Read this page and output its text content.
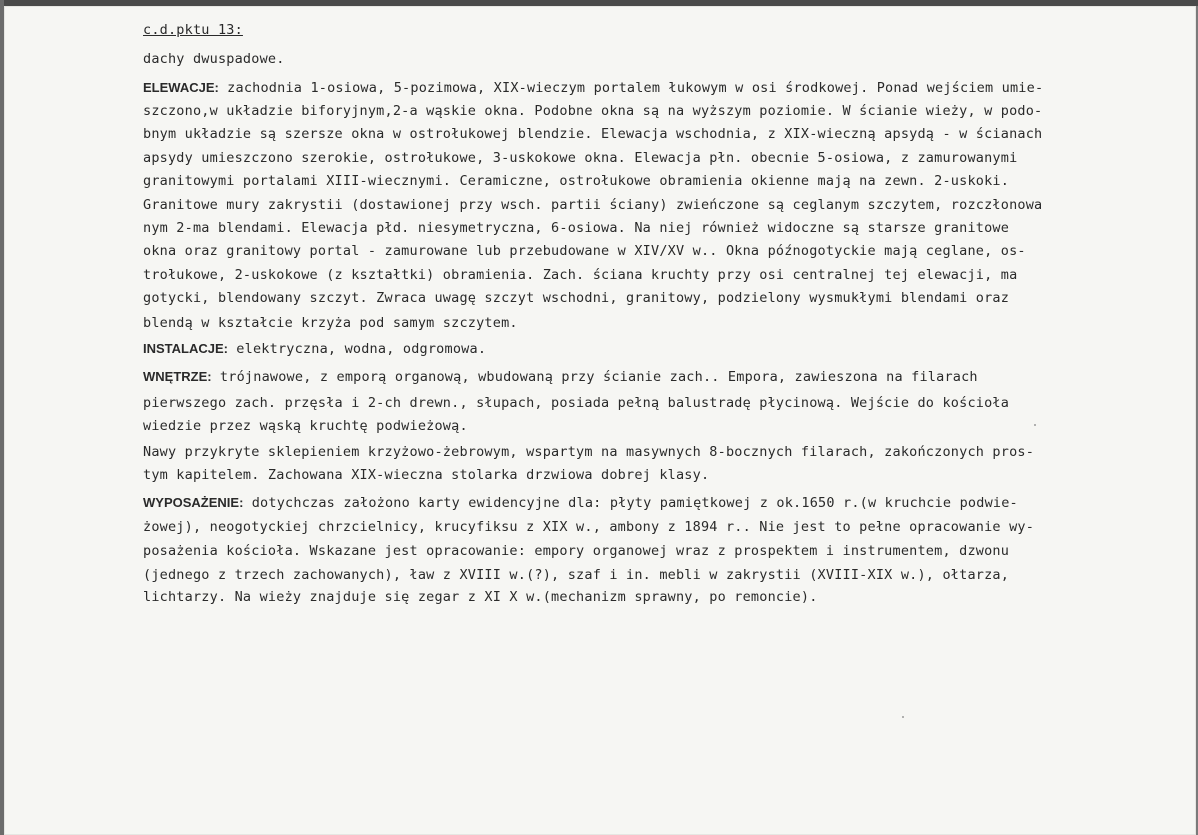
c.d.pktu 13:
dachy dwuspadowe.
ELEWACJE: zachodnia 1-osiowa, 5-pozimowa, XIX-wieczym portalem łukowym w osi środkowej. Ponad wejściem umie-
szczono,w układzie biforyjnym,2-a wąskie okna. Podobne okna są na wyższym poziomie. W ścianie wieży, w podo-
bnym układzie są szersze okna w ostrołukowej blendzie. Elewacja wschodnia, z XIX-wieczną apsydą - w ścianach
apsydy umieszczono szerokie, ostrołukowe, 3-uskokowe okna. Elewacja płn. obecnie 5-osiowa, z zamurowanymi
granitowymi portalami XIII-wiecznymi. Ceramiczne, ostrołukowe obramienia okienne mają na zewn. 2-uskoki.
Granitowe mury zakrystii (dostawionej przy wsch. partii ściany) zwieńczone są ceglanym szczytem, rozczłonowa
nym 2-ma blendami. Elewacja płd. niesymetryczna, 6-osiowa. Na niej również widoczne są starsze granitowe
okna oraz granitowy portal - zamurowane lub przebudowane w XIV/XV w.. Okna późnogotyckie mają ceglane, os-
trołukowe, 2-uskokowe (z kształtki) obramienia. Zach. ściana kruchty przy osi centralnej tej elewacji, ma
gotycki, blendowany szczyt. Zwraca uwagę szczyt wschodni, granitowy, podzielony wysmukłymi blendami oraz
blendą w kształcie krzyża pod samym szczytem.
INSTALACJE: elektryczna, wodna, odgromowa.
WNĘTRZE: trójnawowe, z emporą organową, wbudowaną przy ścianie zach.. Empora, zawieszona na filarach
pierwszego zach. przęsła i 2-ch drewn., słupach, posiada pełną balustradę płycinową. Wejście do kościoła
wiedzie przez wąską kruchtę podwieżową.
Nawy przykryte sklepieniem krzyżowo-żebrowym, wspartym na masywnych 8-bocznych filarach, zakończonych pros-
tym kapitelem. Zachowana XIX-wieczna stolarka drzwiowa dobrej klasy.
WYPOSAŻENIE: dotychczas założono karty ewidencyjne dla: płyty pamiętkowej z ok.1650 r.(w kruchcie podwie-
żowej), neogotyckiej chrzcielnicy, krucyfiksu z XIX w., ambony z 1894 r.. Nie jest to pełne opracowanie wy-
posażenia kościoła. Wskazane jest opracowanie: empory organowej wraz z prospektem i instrumentem, dzwonu
(jednego z trzech zachowanych), ław z XVIII w.(?), szaf i in. mebli w zakrystii (XVIII-XIX w.), ołtarza,
lichtarzy. Na wieży znajduje się zegar z XI X w.(mechanizm sprawny, po remoncie).
